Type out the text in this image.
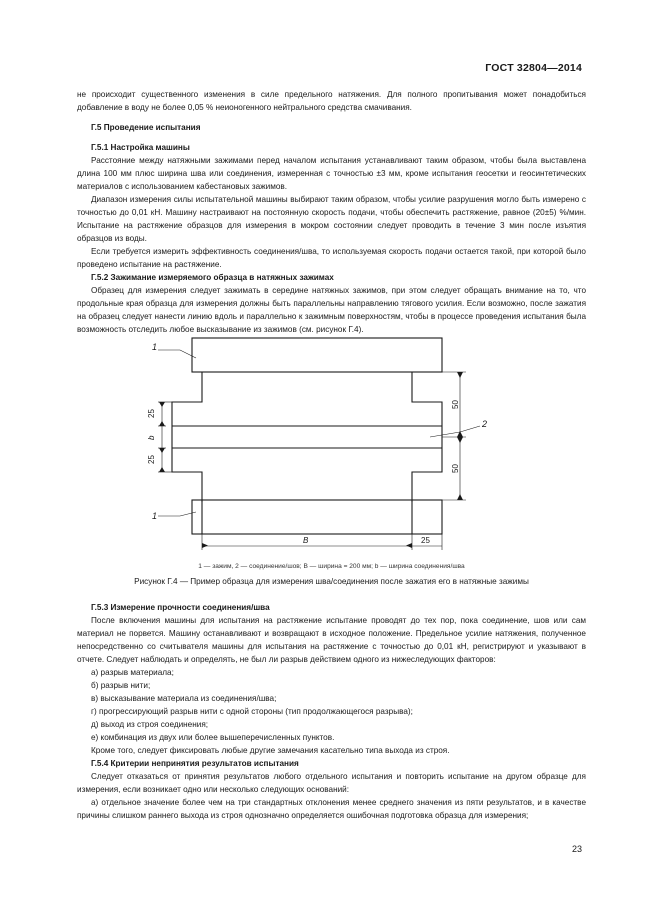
ГОСТ 32804—2014

не происходит существенного изменения в силе предельного натяжения. Для полного пропитывания может понадобиться добавление в воду не более 0,05 % неионогенного нейтрального средства смачивания.

Г.5 Проведение испытания

Г.5.1 Настройка машины

Расстояние между натяжными зажимами перед началом испытания устанавливают таким образом, чтобы была выставлена длина 100 мм плюс ширина шва или соединения, измеренная с точностью ±3 мм, кроме испытания геосетки и геосинтетических материалов с использованием кабестановых зажимов.

Диапазон измерения силы испытательной машины выбирают таким образом, чтобы усилие разрушения могло быть измерено с точностью до 0,01 кН. Машину настраивают на постоянную скорость подачи, чтобы обеспечить растяжение, равное (20±5) %/мин. Испытание на растяжение образцов для измерения в мокром состоянии следует проводить в течение 3 мин после изъятия образцов из воды.

Если требуется измерить эффективность соединения/шва, то используемая скорость подачи остается такой, при которой было проведено испытание на растяжение.

Г.5.2 Зажимание измеряемого образца в натяжных зажимах

Образец для измерения следует зажимать в середине натяжных зажимов, при этом следует обращать внимание на то, что продольные края образца для измерения должны быть параллельны направлению тягового усилия. Если возможно, после зажатия на образец следует нанести линию вдоль и параллельно к зажимным поверхностям, чтобы в процессе проведения испытания была возможность отследить любое высказывание из зажимов (см. рисунок Г.4).

1
1
2
25
b
25
50
50
B	25
1 — зажим, 2 — соединение/шов; B — ширина = 200 мм; b — ширина соединения/шва
Рисунок Г.4 — Пример образца для измерения шва/соединения после зажатия его в натяжные зажимы

Г.5.3 Измерение прочности соединения/шва

После включения машины для испытания на растяжение испытание проводят до тех пор, пока соединение, шов или сам материал не порвется. Машину останавливают и возвращают в исходное положение. Предельное усилие натяжения, полученное непосредственно со считывателя машины для испытания на растяжение с точностью до 0,01 кН, регистрируют и указывают в отчете. Следует наблюдать и определять, не был ли разрыв действием одного из нижеследующих факторов:

а) разрыв материала;

б) разрыв нити;

в) высказывание материала из соединения/шва;

г) прогрессирующий разрыв нити с одной стороны (тип продолжающегося разрыва);

д) выход из строя соединения;

е) комбинация из двух или более вышеперечисленных пунктов.

Кроме того, следует фиксировать любые другие замечания касательно типа выхода из строя.

Г.5.4 Критерии непринятия результатов испытания

Следует отказаться от принятия результатов любого отдельного испытания и повторить испытание на другом образце для измерения, если возникает одно или несколько следующих оснований:

а) отдельное значение более чем на три стандартных отклонения менее среднего значения из пяти результатов, и в качестве причины слишком раннего выхода из строя однозначно определяется ошибочная подготовка образца для измерения;

23
